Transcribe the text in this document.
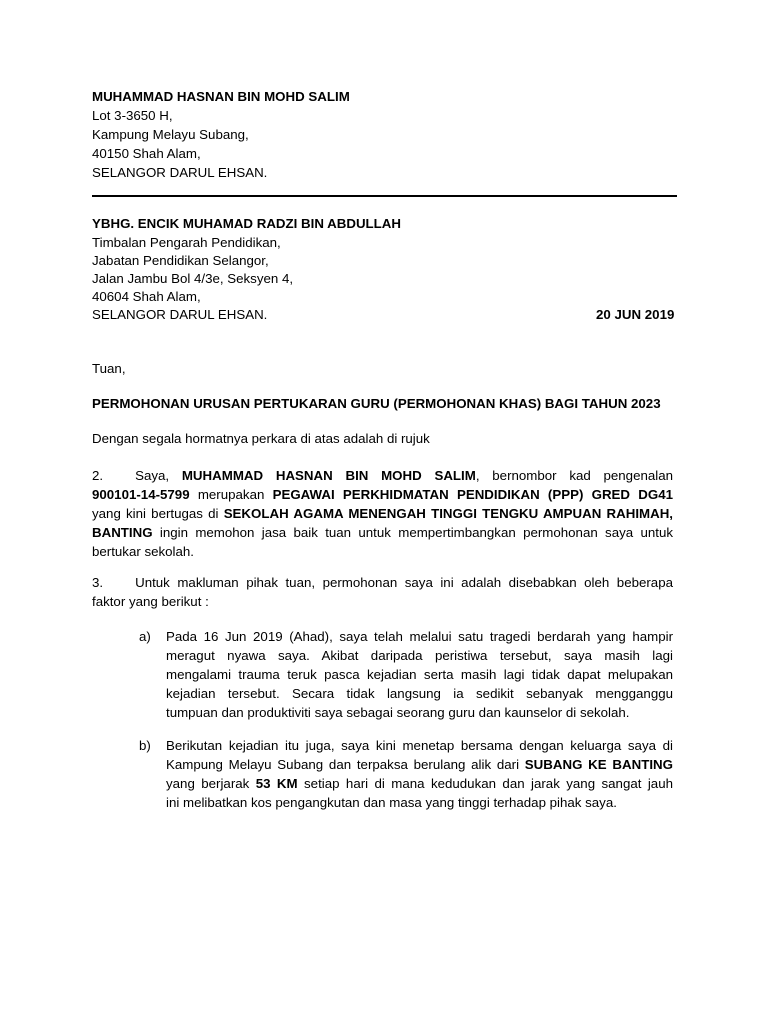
MUHAMMAD HASNAN BIN MOHD SALIM
Lot 3-3650 H,
Kampung Melayu Subang,
40150 Shah Alam,
SELANGOR DARUL EHSAN.
YBHG. ENCIK MUHAMAD RADZI BIN ABDULLAH
Timbalan Pengarah Pendidikan,
Jabatan Pendidikan Selangor,
Jalan Jambu Bol 4/3e, Seksyen 4,
40604 Shah Alam,
SELANGOR DARUL EHSAN.	20 JUN 2019
Tuan,
PERMOHONAN URUSAN PERTUKARAN GURU (PERMOHONAN KHAS) BAGI TAHUN 2023
Dengan segala hormatnya perkara di atas adalah di rujuk
2. Saya, MUHAMMAD HASNAN BIN MOHD SALIM, bernombor kad pengenalan
900101-14-5799 merupakan PEGAWAI PERKHIDMATAN PENDIDIKAN (PPP) GRED DG41
yang kini bertugas di SEKOLAH AGAMA MENENGAH TINGGI TENGKU AMPUAN RAHIMAH,
BANTING ingin memohon jasa baik tuan untuk mempertimbangkan permohonan saya untuk
bertukar sekolah.
3. Untuk makluman pihak tuan, permohonan saya ini adalah disebabkan oleh beberapa
faktor yang berikut :
a) Pada 16 Jun 2019 (Ahad), saya telah melalui satu tragedi berdarah yang hampir
meragut nyawa saya. Akibat daripada peristiwa tersebut, saya masih lagi
mengalami trauma teruk pasca kejadian serta masih lagi tidak dapat melupakan
kejadian tersebut. Secara tidak langsung ia sedikit sebanyak mengganggu
tumpuan dan produktiviti saya sebagai seorang guru dan kaunselor di sekolah.
b) Berikutan kejadian itu juga, saya kini menetap bersama dengan keluarga saya di
Kampung Melayu Subang dan terpaksa berulang alik dari SUBANG KE BANTING
yang berjarak 53 KM setiap hari di mana kedudukan dan jarak yang sangat jauh
ini melibatkan kos pengangkutan dan masa yang tinggi terhadap pihak saya.
